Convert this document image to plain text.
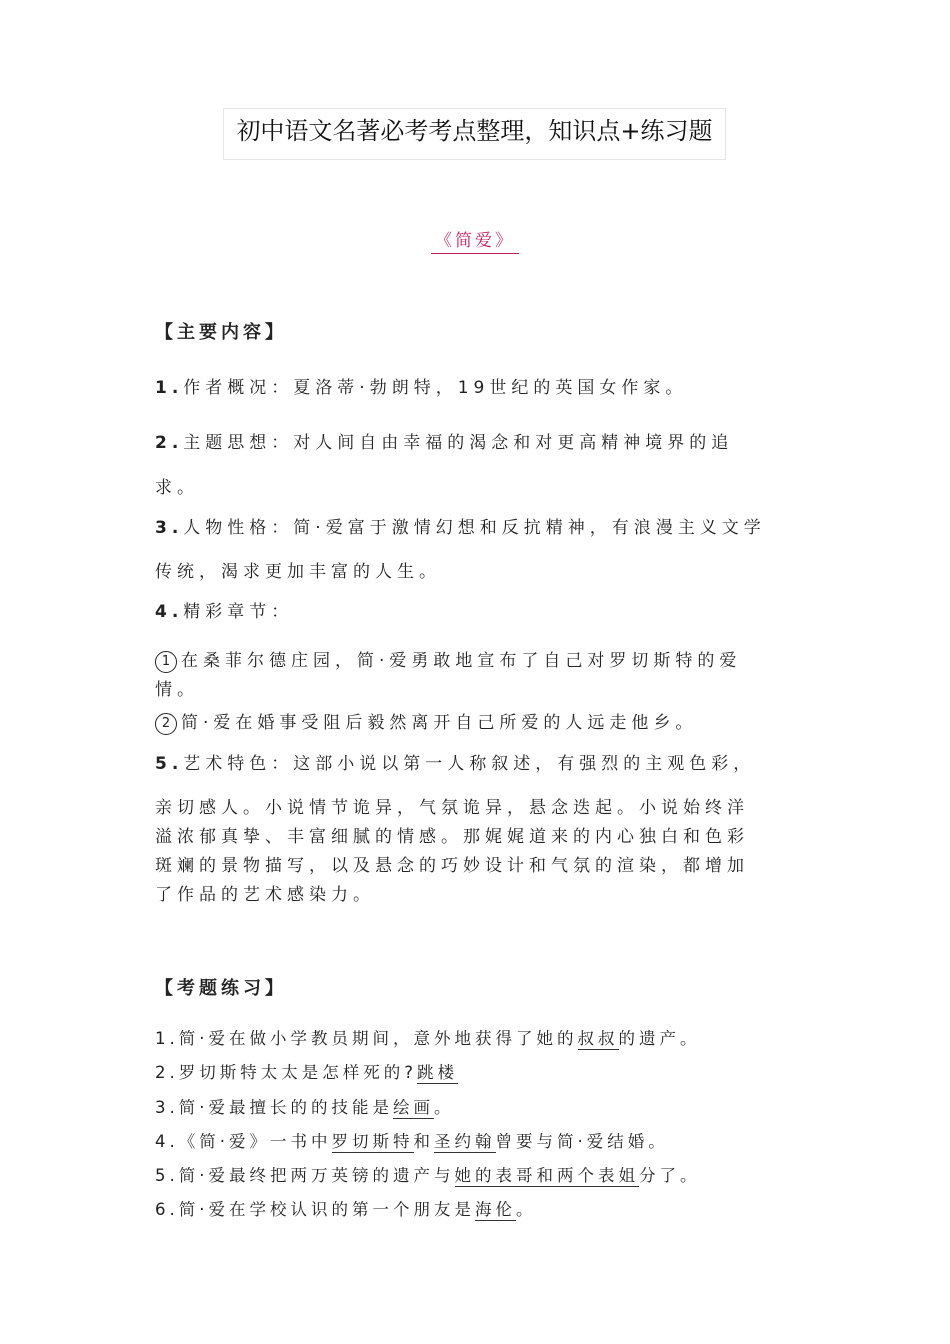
初中语文名著必考考点整理，知识点+练习题
《简爱》
【主要内容】
1.作者概况：夏洛蒂·勃朗特，19世纪的英国女作家。
2.主题思想：对人间自由幸福的渴念和对更高精神境界的追
求。
3.人物性格：简·爱富于激情幻想和反抗精神，有浪漫主义文学
传统，渴求更加丰富的人生。
4.精彩章节：
1 在桑菲尔德庄园，简·爱勇敢地宣布了自己对罗切斯特的爱
情。
2 简·爱在婚事受阻后毅然离开自己所爱的人远走他乡。
5.艺术特色：这部小说以第一人称叙述，有强烈的主观色彩，
亲切感人。小说情节诡异，气氛诡异，悬念迭起。小说始终洋
溢浓郁真挚、丰富细腻的情感。那娓娓道来的内心独白和色彩
斑斓的景物描写，以及悬念的巧妙设计和气氛的渲染，都增加
了作品的艺术感染力。
【考题练习】
1.简·爱在做小学教员期间，意外地获得了她的叔叔的遗产。
2.罗切斯特太太是怎样死的?跳楼
3.简·爱最擅长的的技能是绘画。
4.《简·爱》一书中罗切斯特和圣约翰曾要与简·爱结婚。
5.简·爱最终把两万英镑的遗产与她的表哥和两个表姐分了。
6.简·爱在学校认识的第一个朋友是海伦。
